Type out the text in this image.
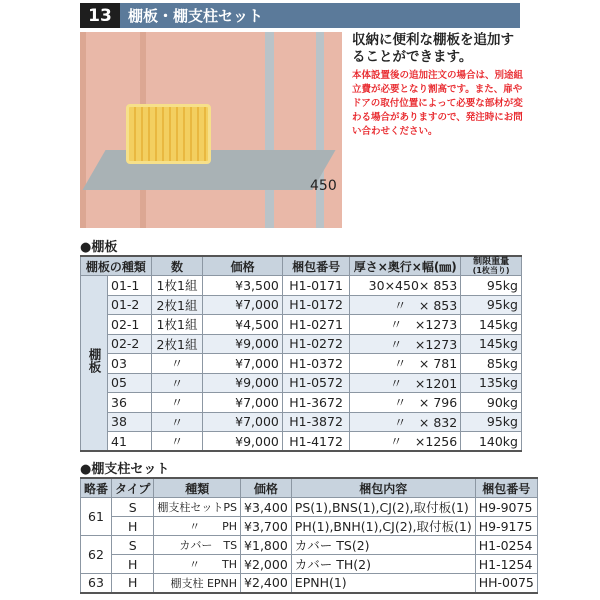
13	棚板・棚支柱セット
450
収納に便利な棚板を追加することができます。
本体設置後の追加注文の場合は、別途組立費が必要となり割高です。また、扉やドアの取付位置によって必要な部材が変わる場合がありますので、発注時にお問い合わせください。
●棚板
棚板の種類		数	価格	梱包番号	厚さ×奥行×幅(㎜)	制限重量
(1枚当り)

棚板	01-1	1枚1組	¥3,500	H1-0171	30×450× 853	95kg
	01-2	2枚1組	¥7,000	H1-0172	〃　× 853	95kg
	02-1	1枚1組	¥4,500	H1-0271	〃　×1273	145kg
	02-2	2枚1組	¥9,000	H1-0272	〃　×1273	145kg
	03	〃	¥7,000	H1-0372	〃　× 781	85kg
	05	〃	¥9,000	H1-0572	〃　×1201	135kg
	36	〃	¥7,000	H1-3672	〃　× 796	90kg
	38	〃	¥7,000	H1-3872	〃　× 832	95kg
	41	〃	¥9,000	H1-4172	〃　×1256	140kg
●棚支柱セット
略番	タイプ	種類	価格	梱包内容	梱包番号
61	S	棚支柱セットPS	¥3,400	PS(1),BNS(1),CJ(2),取付板(1)	H9-9075
	H	〃　　PH	¥3,700	PH(1),BNH(1),CJ(2),取付板(1)	H9-9175
62	S	カバー　TS	¥1,800	カバー TS(2)	H1-0254
	H	〃　　TH	¥2,000	カバー TH(2)	H1-1254
63	H	棚支柱 EPNH	¥2,400	EPNH(1)	HH-0075
